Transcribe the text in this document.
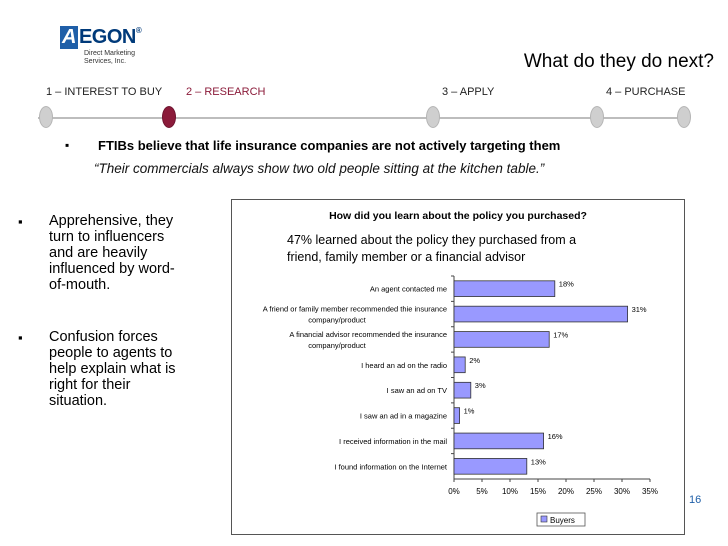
A EGON®
Direct Marketing
Services, Inc.	What do they do next?
1 – INTEREST TO BUY 2 – RESEARCH	3 – APPLY	4 – PURCHASE
▪ FTIBs believe that life insurance companies are not actively targeting them
“Their commercials always show two old people sitting at the kitchen table.”
▪ Apprehensive, they
turn to influencers
and are heavily
influenced by word-
of-mouth.
▪ Confusion forces
people to agents to
help explain what is
right for their
situation.
How did you learn about the policy you purchased?
47% learned about the policy they purchased from a
friend, family member or a financial advisor
An agent contacted me
18%
A friend or family member recommended thie insurance
company/product
31%
A financial advisor recommended the insurance
company/product
17%
I heard an ad on the radio
2%
I saw an ad on TV
3%
I saw an ad in a magazine
1%
I received information in the mail
16%
I found information on the Internet
13%
0% 5% 10% 15% 20% 25% 30% 35%
Buyers
16
